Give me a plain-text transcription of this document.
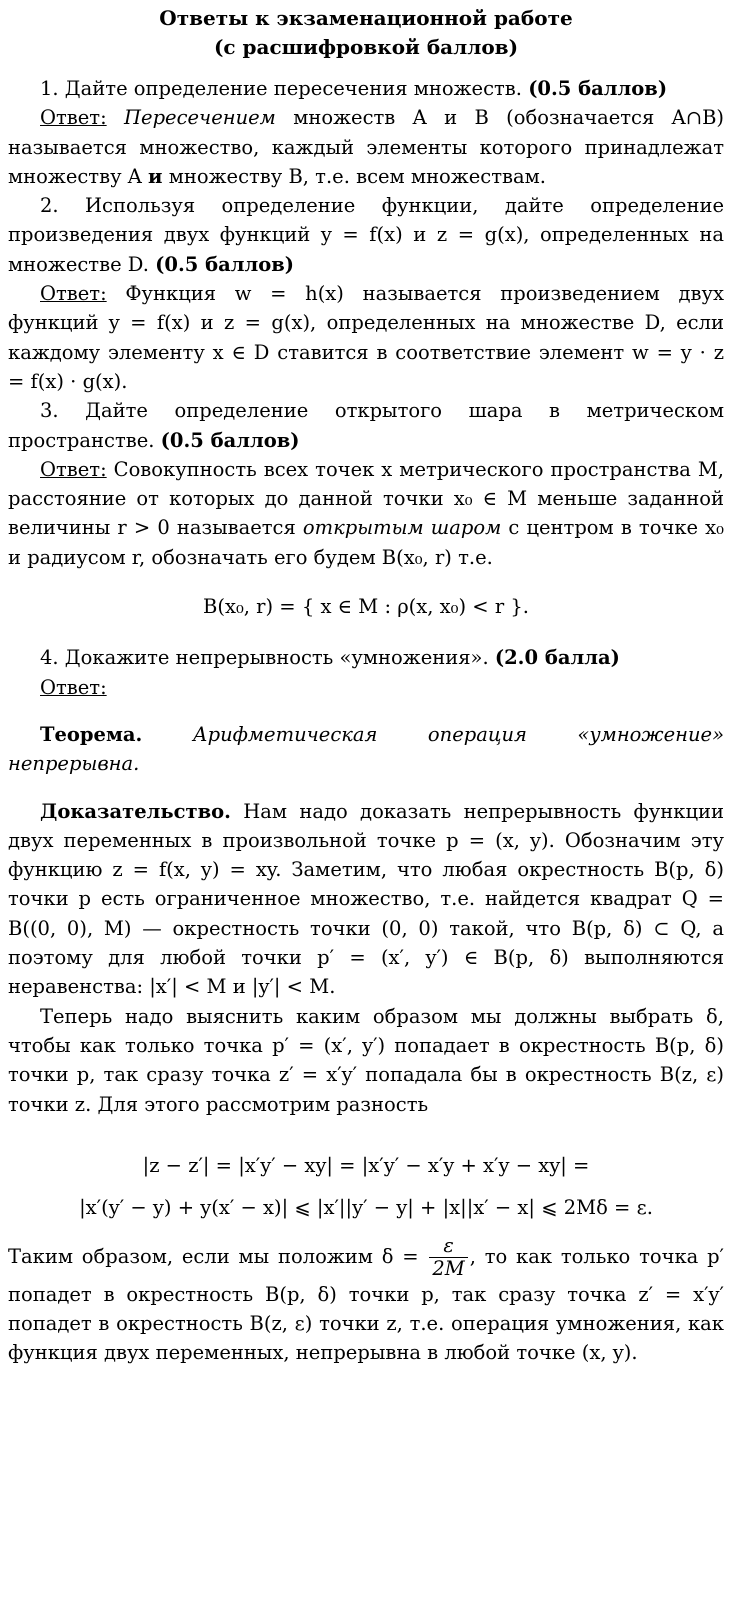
Ответы к экзаменационной работе
(с расшифровкой баллов)

1. Дайте определение пересечения множеств. (0.5 баллов)

Ответ: Пересечением множеств A и B (обозначается A∩B) называется множество, каждый элементы которого принадлежат множеству A и множеству B, т.е. всем множествам.

2. Используя определение функции, дайте определение произведения двух функций y = f(x) и z = g(x), определенных на множестве D. (0.5 баллов)

Ответ: Функция w = h(x) называется произведением двух функций y = f(x) и z = g(x), определенных на множестве D, если каждому элементу x ∈ D ставится в соответствие элемент w = y · z = f(x) · g(x).

3. Дайте определение открытого шара в метрическом пространстве. (0.5 баллов)

Ответ: Совокупность всех точек x метрического пространства M, расстояние от которых до данной точки x₀ ∈ M меньше заданной величины r > 0 называется открытым шаром с центром в точке x₀ и радиусом r, обозначать его будем B(x₀, r) т.е.

B(x₀, r) = { x ∈ M : ρ(x, x₀) < r }.

4. Докажите непрерывность «умножения». (2.0 балла)

Ответ:

Теорема. Арифметическая операция «умножение» непрерывна.

Доказательство. Нам надо доказать непрерывность функции двух переменных в произвольной точке p = (x, y). Обозначим эту функцию z = f(x, y) = xy. Заметим, что любая окрестность B(p, δ) точки p есть ограниченное множество, т.е. найдется квадрат Q = B((0, 0), M) — окрестность точки (0, 0) такой, что B(p, δ) ⊂ Q, а поэтому для любой точки p′ = (x′, y′) ∈ B(p, δ) выполняются неравенства: |x′| < M и |y′| < M.

Теперь надо выяснить каким образом мы должны выбрать δ, чтобы как только точка p′ = (x′, y′) попадает в окрестность B(p, δ) точки p, так сразу точка z′ = x′y′ попадала бы в окрестность B(z, ε) точки z. Для этого рассмотрим разность

|z − z′| = |x′y′ − xy| = |x′y′ − x′y + x′y − xy| =
|x′(y′ − y) + y(x′ − x)| ⩽ |x′||y′ − y| + |x||x′ − x| ⩽ 2Mδ = ε.

Таким образом, если мы положим $\delta = \frac{\varepsilon}{2M}$ , то как только точка p′ попадет в окрестность B(p, δ) точки p, так сразу точка z′ = x′y′ попадет в окрестность B(z, ε) точки z, т.е. операция умножения, как функция двух переменных, непрерывна в любой точке (x, y).
